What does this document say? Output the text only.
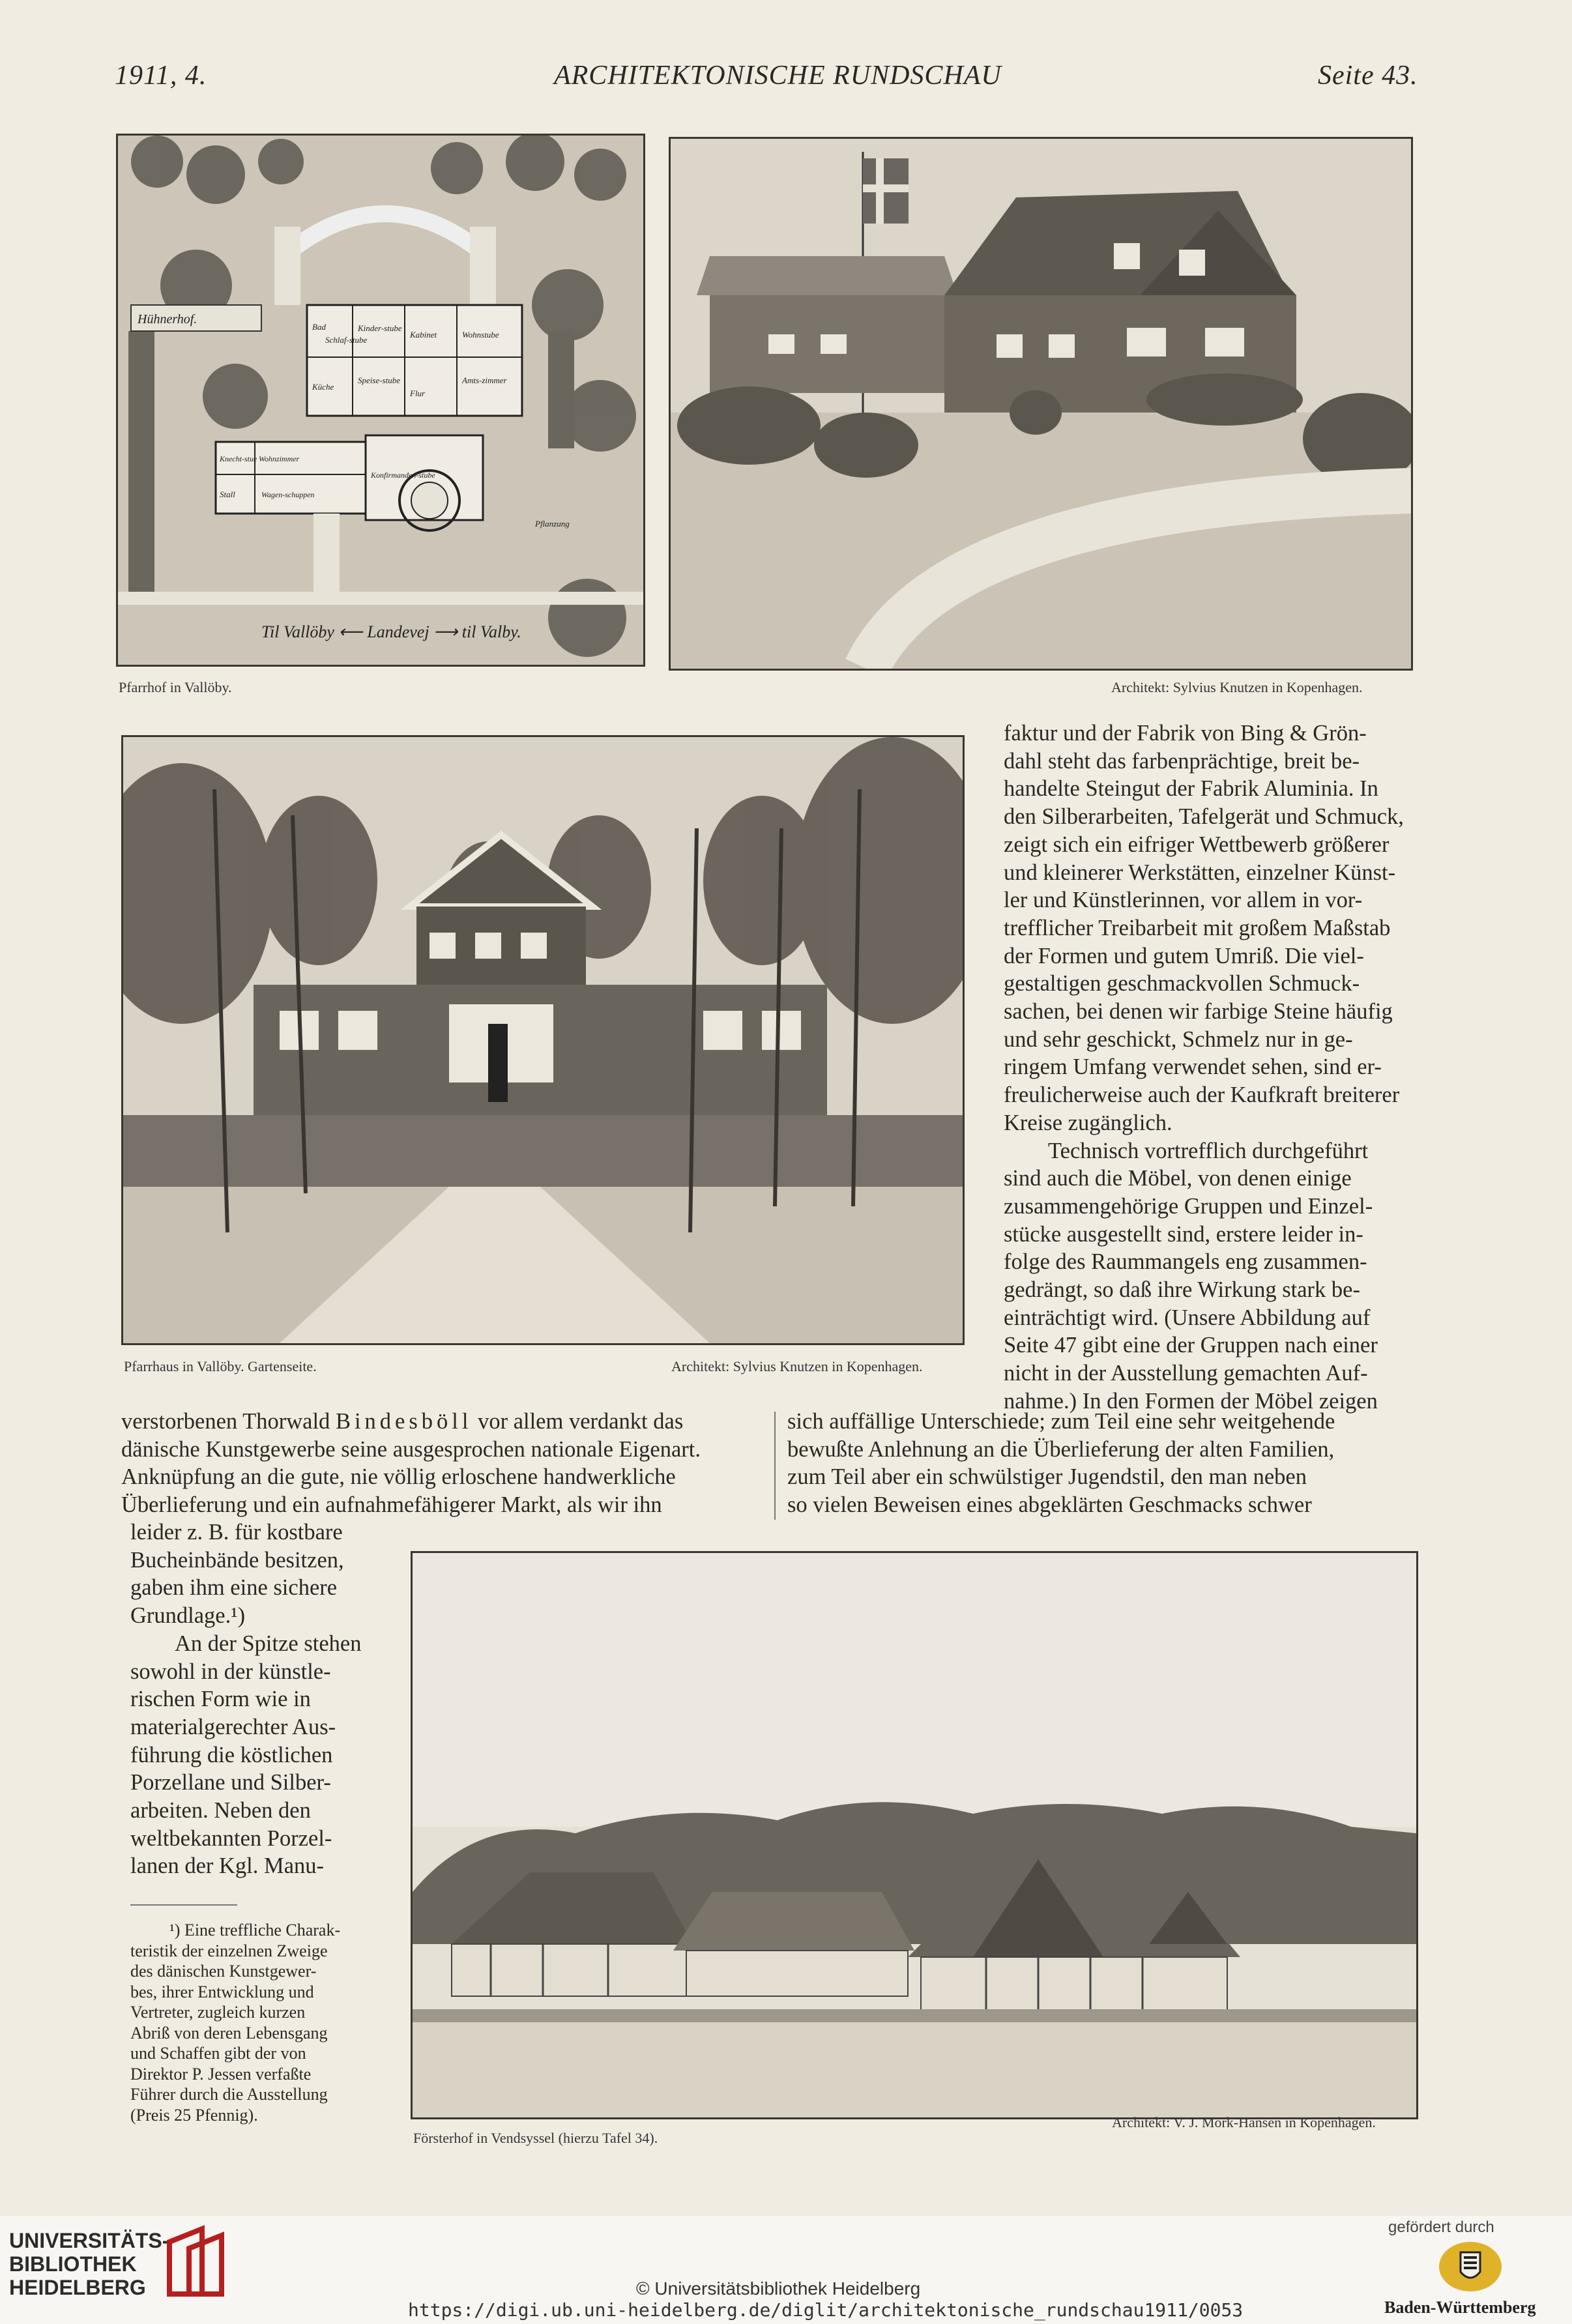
1911, 4.	ARCHITEKTONISCHE RUNDSCHAU	Seite 43.
Hühnerhof.
Bad
Schlaf-stube
Kinder-stube
Kabinet	Wohnstube
Küche
Speise-stube
Flur
Amts-zimmer
Knecht-stue Wohnzimmer
Stall	Wagen-schuppen
Konfirmanden-stube
Pflanzung
Til Vallöby ⟵ Landevej ⟶ til Valby.
Pfarrhof in Vallöby.	Architekt: Sylvius Knutzen in Kopenhagen.
Pfarrhaus in Vallöby. Gartenseite.	Architekt: Sylvius Knutzen in Kopenhagen.

faktur und der Fabrik von Bing & Grön-
dahl steht das farbenprächtige, breit be-
handelte Steingut der Fabrik Aluminia. In
den Silberarbeiten, Tafelgerät und Schmuck,
zeigt sich ein eifriger Wettbewerb größerer
und kleinerer Werkstätten, einzelner Künst-
ler und Künstlerinnen, vor allem in vor-
trefflicher Treibarbeit mit großem Maßstab
der Formen und gutem Umriß. Die viel-
gestaltigen geschmackvollen Schmuck-
sachen, bei denen wir farbige Steine häufig
und sehr geschickt, Schmelz nur in ge-
ringem Umfang verwendet sehen, sind er-
freulicherweise auch der Kaufkraft breiterer
Kreise zugänglich.

Technisch vortrefflich durchgeführt
sind auch die Möbel, von denen einige
zusammengehörige Gruppen und Einzel-
stücke ausgestellt sind, erstere leider in-
folge des Raummangels eng zusammen-
gedrängt, so daß ihre Wirkung stark be-
einträchtigt wird. (Unsere Abbildung auf
Seite 47 gibt eine der Gruppen nach einer
nicht in der Ausstellung gemachten Auf-
nahme.) In den Formen der Möbel zeigen

verstorbenen Thorwald Bindesböll vor allem verdankt das
dänische Kunstgewerbe seine ausgesprochen nationale Eigenart.
Anknüpfung an die gute, nie völlig erloschene handwerkliche
Überlieferung und ein aufnahmefähigerer Markt, als wir ihn

sich auffällige Unterschiede; zum Teil eine sehr weitgehende
bewußte Anlehnung an die Überlieferung der alten Familien,
zum Teil aber ein schwülstiger Jugendstil, den man neben
so vielen Beweisen eines abgeklärten Geschmacks schwer

leider z. B. für kostbare
Bucheinbände besitzen,
gaben ihm eine sichere
Grundlage.¹)

An der Spitze stehen
sowohl in der künstle-
rischen Form wie in
materialgerechter Aus-
führung die köstlichen
Porzellane und Silber-
arbeiten. Neben den
weltbekannten Porzel-
lanen der Kgl. Manu-

¹) Eine treffliche Charak-
teristik der einzelnen Zweige
des dänischen Kunstgewer-
bes, ihrer Entwicklung und
Vertreter, zugleich kurzen
Abriß von deren Lebensgang
und Schaffen gibt der von
Direktor P. Jessen verfaßte
Führer durch die Ausstellung
(Preis 25 Pfennig).

Försterhof in Vendsyssel (hierzu Tafel 34).
Architekt: V. J. Mörk-Hansen in Kopenhagen.
UNIVERSITÄTS-
BIBLIOTHEK
HEIDELBERG	© Universitätsbibliothek Heidelberg
https://digi.ub.uni-heidelberg.de/diglit/architektonische_rundschau1911/0053
gefördert durch
Baden-Württemberg
